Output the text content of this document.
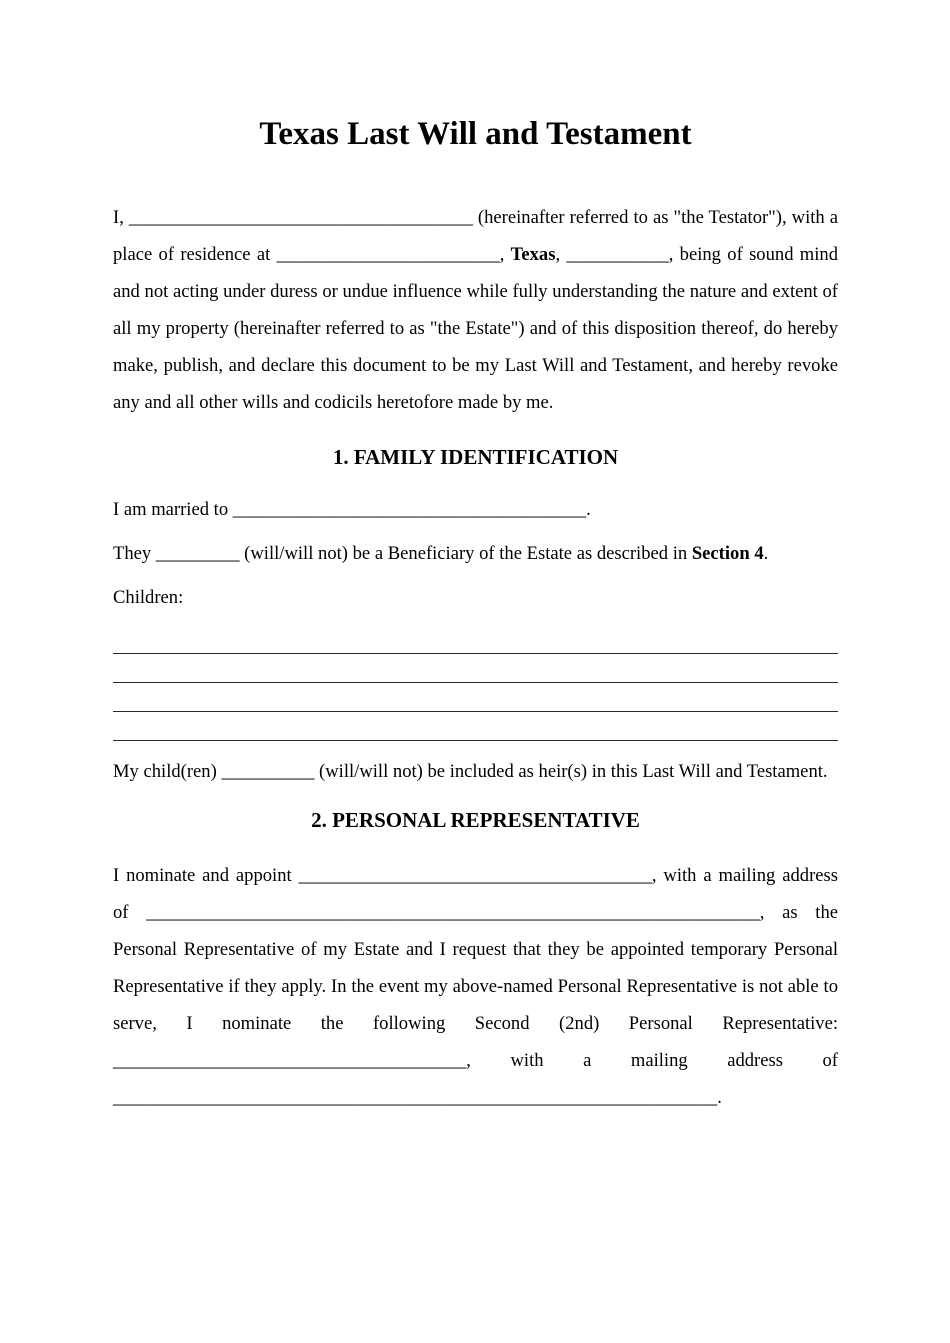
Texas Last Will and Testament

I, _____________________________________ (hereinafter referred to as "the Testator"), with a place of residence at ________________________, Texas, ___________, being of sound mind and not acting under duress or undue influence while fully understanding the nature and extent of all my property (hereinafter referred to as "the Estate") and of this disposition thereof, do hereby make, publish, and declare this document to be my Last Will and Testament, and hereby revoke any and all other wills and codicils heretofore made by me.

1. FAMILY IDENTIFICATION

I am married to ______________________________________.

They _________ (will/will not) be a Beneficiary of the Estate as described in Section 4.

Children:

My child(ren) __________ (will/will not) be included as heir(s) in this Last Will and Testament.

2. PERSONAL REPRESENTATIVE

I nominate and appoint ______________________________________, with a mailing address of __________________________________________________________________, as the Personal Representative of my Estate and I request that they be appointed temporary Personal Representative if they apply. In the event my above-named Personal Representative is not able to serve, I nominate the following Second (2nd) Personal Representative: ______________________________________, with a mailing address of _________________________________________________________________.
